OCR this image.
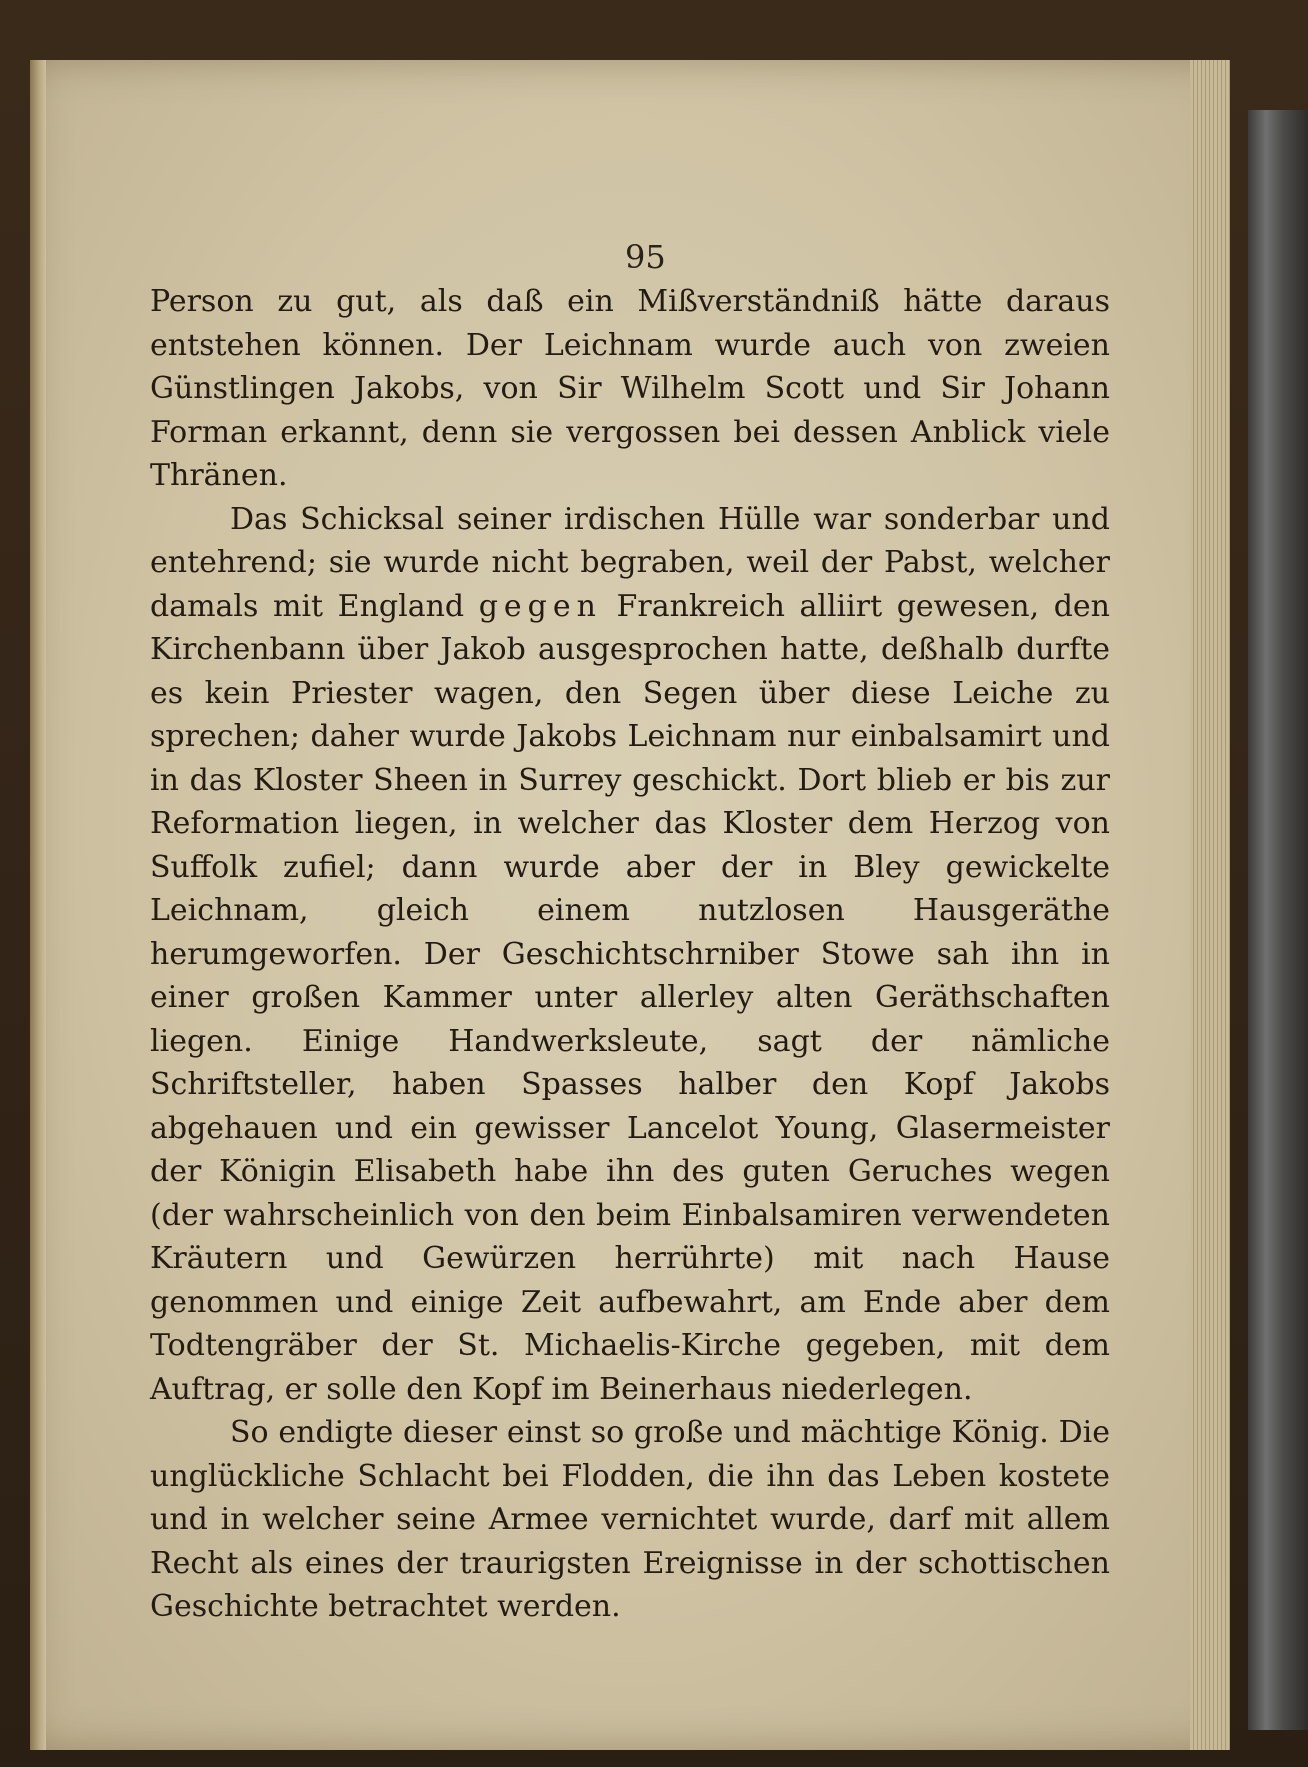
95

Person zu gut, als daß ein Mißverständniß hätte daraus entstehen können. Der Leichnam wurde auch von zweien Günstlingen Jakobs, von Sir Wilhelm Scott und Sir Johann Forman erkannt, denn sie vergossen bei dessen Anblick viele Thränen.

Das Schicksal seiner irdischen Hülle war sonderbar und entehrend; sie wurde nicht begraben, weil der Pabst, welcher damals mit England gegen Frankreich alliirt gewesen, den Kirchenbann über Jakob ausgesprochen hatte, deßhalb durfte es kein Priester wagen, den Segen über diese Leiche zu sprechen; daher wurde Jakobs Leichnam nur einbalsamirt und in das Kloster Sheen in Surrey geschickt. Dort blieb er bis zur Reformation liegen, in welcher das Kloster dem Herzog von Suffolk zufiel; dann wurde aber der in Bley gewickelte Leichnam, gleich einem nutzlosen Hausgeräthe herumgeworfen. Der Geschichtschrniber Stowe sah ihn in einer großen Kammer unter allerley alten Geräthschaften liegen. Einige Handwerksleute, sagt der nämliche Schriftsteller, haben Spasses halber den Kopf Jakobs abgehauen und ein gewisser Lancelot Young, Glasermeister der Königin Elisabeth habe ihn des guten Geruches wegen (der wahrscheinlich von den beim Einbalsamiren verwendeten Kräutern und Gewürzen herrührte) mit nach Hause genommen und einige Zeit aufbewahrt, am Ende aber dem Todtengräber der St. Michaelis-Kirche gegeben, mit dem Auftrag, er solle den Kopf im Beinerhaus niederlegen.

So endigte dieser einst so große und mächtige König. Die unglückliche Schlacht bei Flodden, die ihn das Leben kostete und in welcher seine Armee vernichtet wurde, darf mit allem Recht als eines der traurigsten Ereignisse in der schottischen Geschichte betrachtet werden.
